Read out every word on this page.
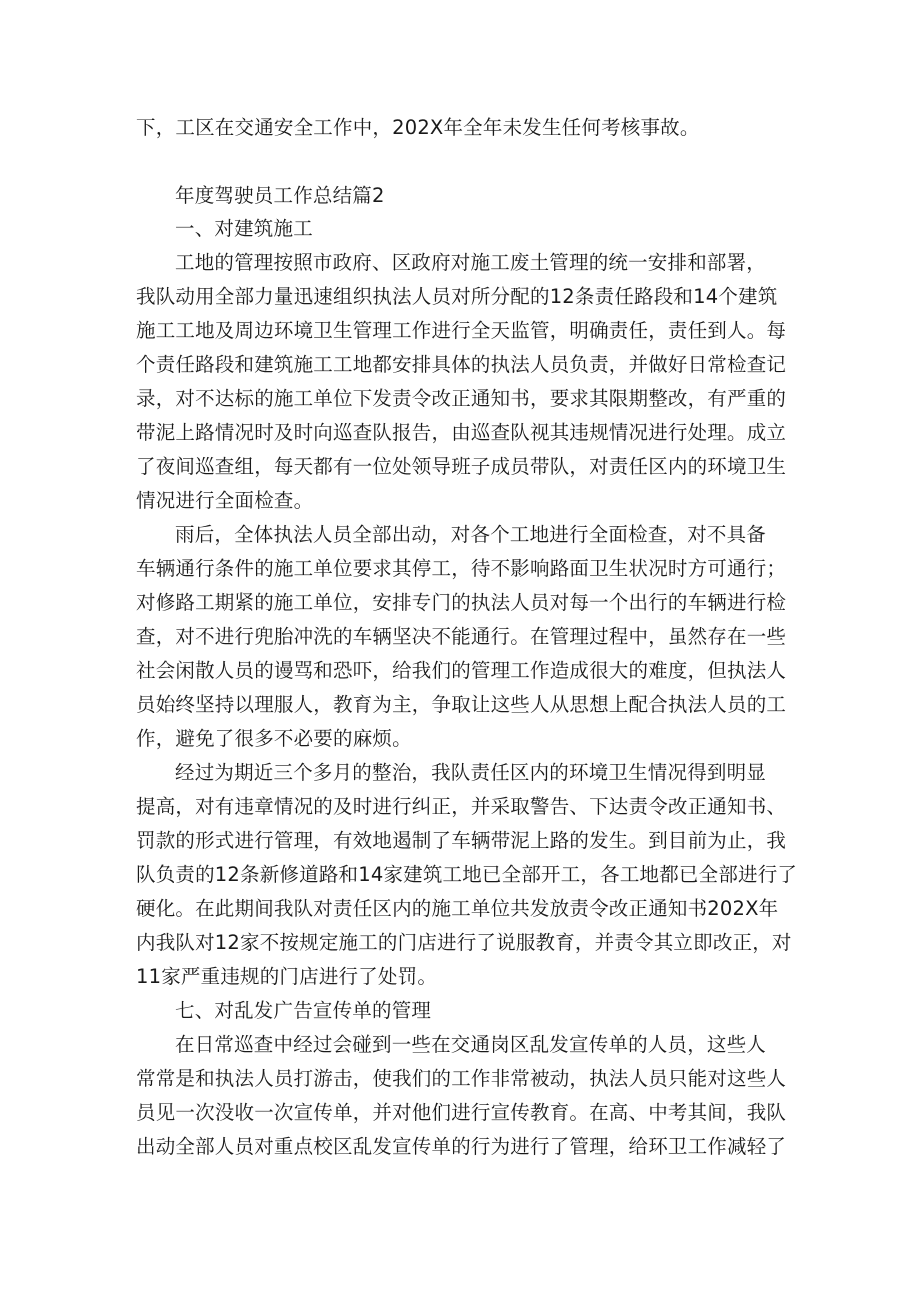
下，工区在交通安全工作中，202X年全年未发生任何考核事故。
年度驾驶员工作总结篇2
一、对建筑施工
工地的管理按照市政府、区政府对施工废土管理的统一安排和部署，
我队动用全部力量迅速组织执法人员对所分配的12条责任路段和14个建筑
施工工地及周边环境卫生管理工作进行全天监管，明确责任，责任到人。每
个责任路段和建筑施工工地都安排具体的执法人员负责，并做好日常检查记
录，对不达标的施工单位下发责令改正通知书，要求其限期整改，有严重的
带泥上路情况时及时向巡查队报告，由巡查队视其违规情况进行处理。成立
了夜间巡查组，每天都有一位处领导班子成员带队，对责任区内的环境卫生
情况进行全面检查。
雨后，全体执法人员全部出动，对各个工地进行全面检查，对不具备
车辆通行条件的施工单位要求其停工，待不影响路面卫生状况时方可通行；
对修路工期紧的施工单位，安排专门的执法人员对每一个出行的车辆进行检
查，对不进行兜胎冲洗的车辆坚决不能通行。在管理过程中，虽然存在一些
社会闲散人员的谩骂和恐吓，给我们的管理工作造成很大的难度，但执法人
员始终坚持以理服人，教育为主，争取让这些人从思想上配合执法人员的工
作，避免了很多不必要的麻烦。
经过为期近三个多月的整治，我队责任区内的环境卫生情况得到明显
提高，对有违章情况的及时进行纠正，并采取警告、下达责令改正通知书、
罚款的形式进行管理，有效地遏制了车辆带泥上路的发生。到目前为止，我
队负责的12条新修道路和14家建筑工地已全部开工，各工地都已全部进行了
硬化。在此期间我队对责任区内的施工单位共发放责令改正通知书202X年
内我队对12家不按规定施工的门店进行了说服教育，并责令其立即改正，对
11家严重违规的门店进行了处罚。
七、对乱发广告宣传单的管理
在日常巡查中经过会碰到一些在交通岗区乱发宣传单的人员，这些人
常常是和执法人员打游击，使我们的工作非常被动，执法人员只能对这些人
员见一次没收一次宣传单，并对他们进行宣传教育。在高、中考其间，我队
出动全部人员对重点校区乱发宣传单的行为进行了管理，给环卫工作减轻了
